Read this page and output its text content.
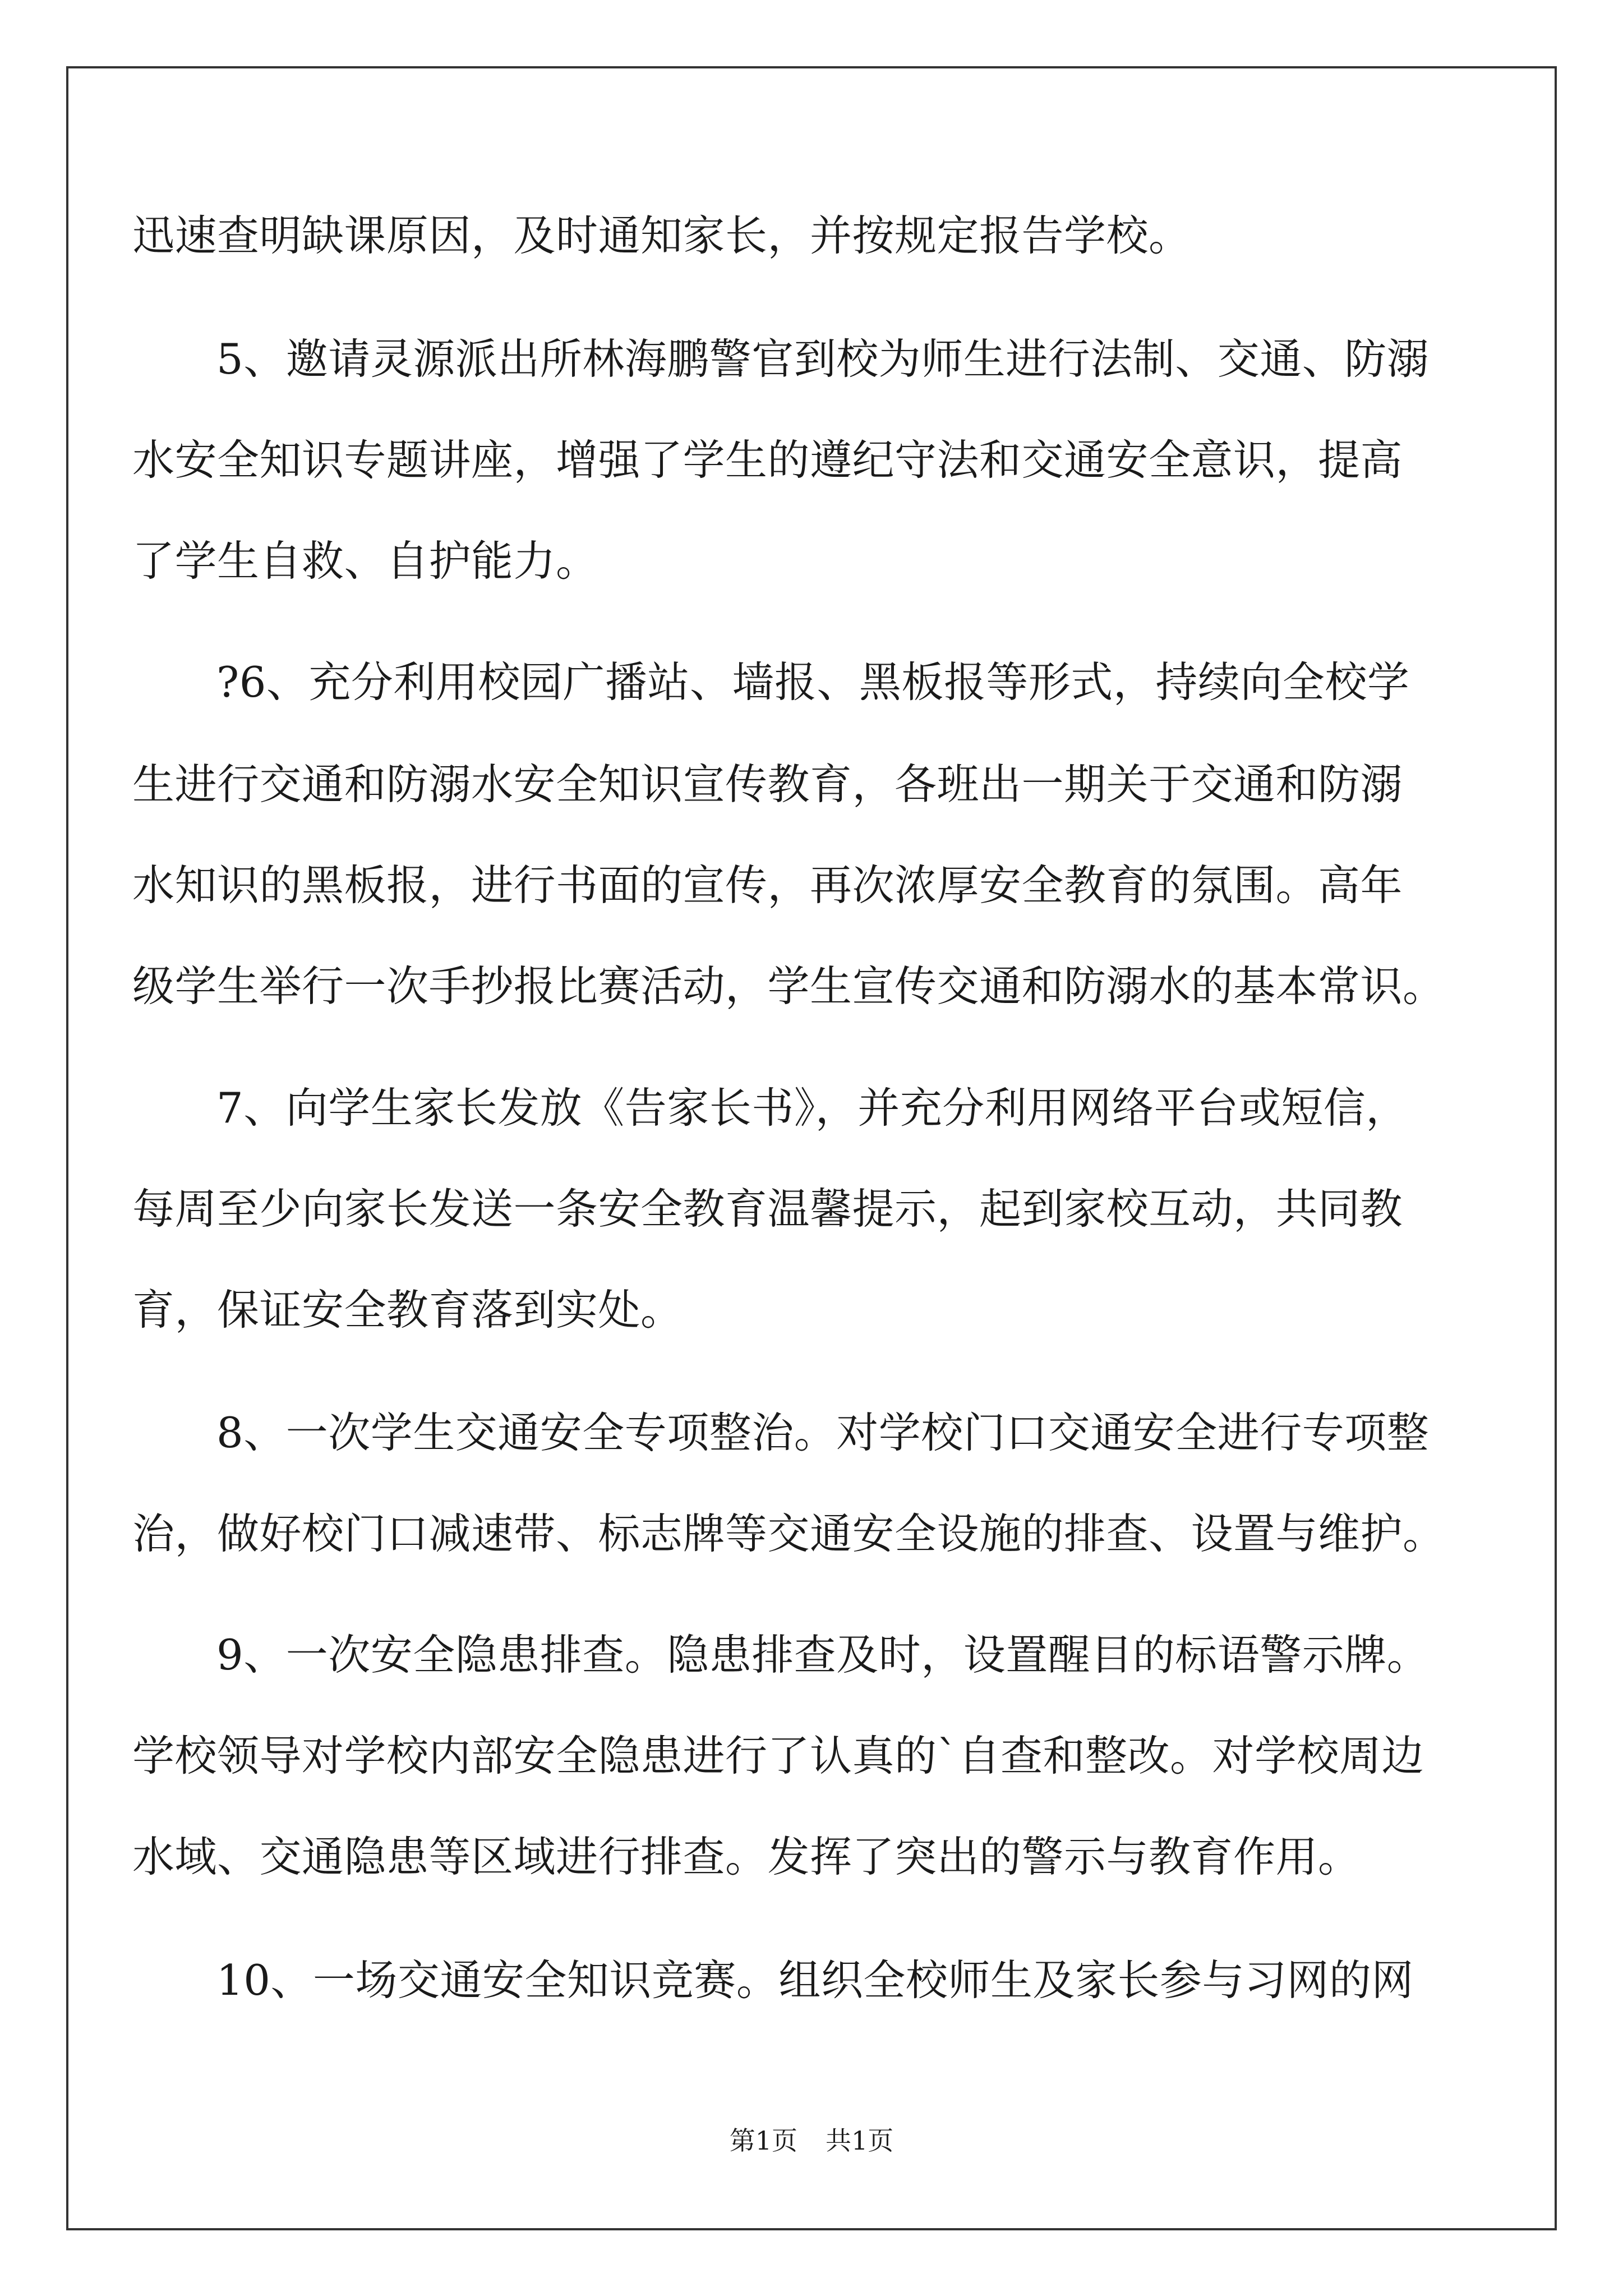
迅速查明缺课原因，及时通知家长，并按规定报告学校。

5、邀请灵源派出所林海鹏警官到校为师生进行法制、交通、防溺

水安全知识专题讲座，增强了学生的遵纪守法和交通安全意识，提高

了学生自救、自护能力。

?6、充分利用校园广播站、墙报、黑板报等形式，持续向全校学

生进行交通和防溺水安全知识宣传教育，各班出一期关于交通和防溺

水知识的黑板报，进行书面的宣传，再次浓厚安全教育的氛围。高年

级学生举行一次手抄报比赛活动，学生宣传交通和防溺水的基本常识。

7、向学生家长发放《告家长书》，并充分利用网络平台或短信，

每周至少向家长发送一条安全教育温馨提示，起到家校互动，共同教

育，保证安全教育落到实处。

8、一次学生交通安全专项整治。对学校门口交通安全进行专项整

治，做好校门口减速带、标志牌等交通安全设施的排查、设置与维护。

9、一次安全隐患排查。隐患排查及时，设置醒目的标语警示牌。

学校领导对学校内部安全隐患进行了认真的`自查和整改。对学校周边

水域、交通隐患等区域进行排查。发挥了突出的警示与教育作用。

10、一场交通安全知识竞赛。组织全校师生及家长参与习网的网

第1页 共1页
